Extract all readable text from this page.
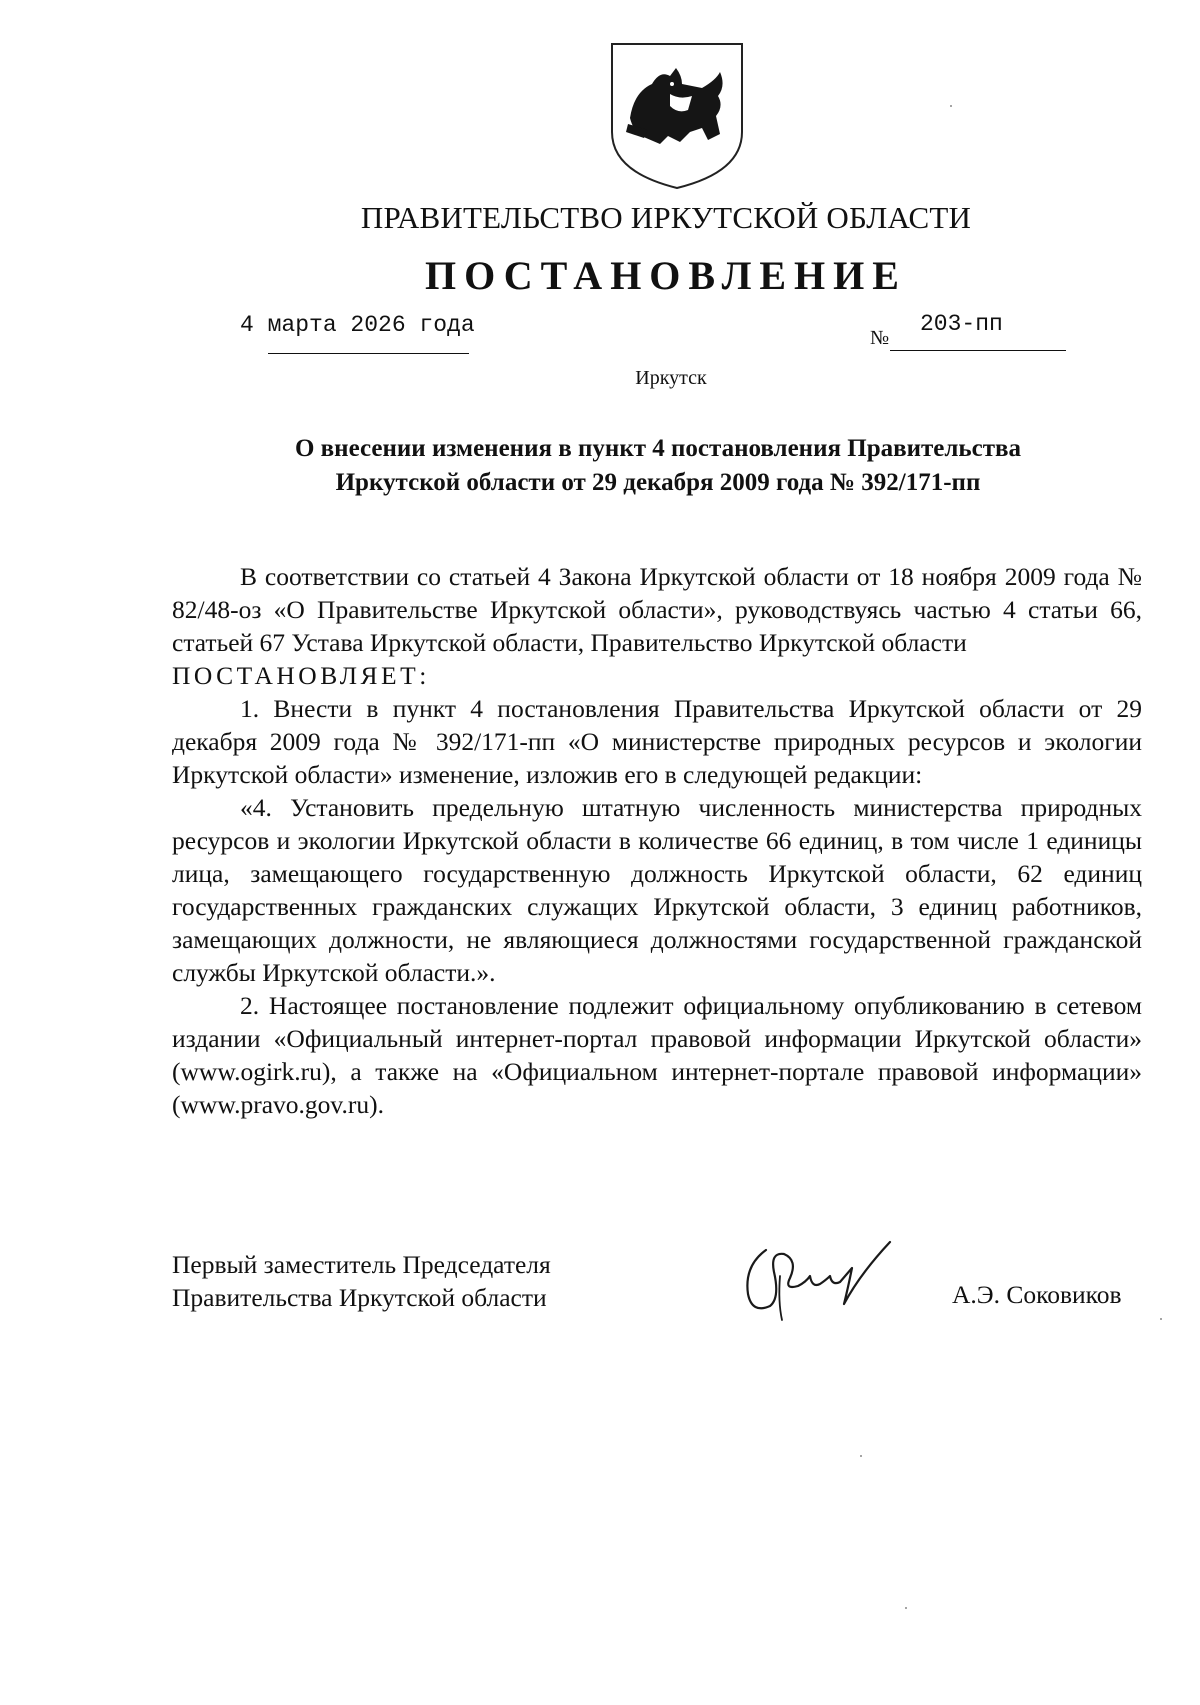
ПРАВИТЕЛЬСТВО ИРКУТСКОЙ ОБЛАСТИ
ПОСТАНОВЛЕНИЕ
4 марта 2026 года	№
203-пп
Иркутск
О внесении изменения в пункт 4 постановления Правительства
Иркутской области от 29 декабря 2009 года № 392/171-пп

В соответствии со статьей 4 Закона Иркутской области от 18 ноября 2009 года № 82/48-оз «О Правительстве Иркутской области», руководствуясь частью 4 статьи 66, статьей 67 Устава Иркутской области, Правительство Иркутской области

ПОСТАНОВЛЯЕТ:

1. Внести в пункт 4 постановления Правительства Иркутской области от 29 декабря 2009 года № 392/171-пп «О министерстве природных ресурсов и экологии Иркутской области» изменение, изложив его в следующей редакции:

«4. Установить предельную штатную численность министерства природных ресурсов и экологии Иркутской области в количестве 66 единиц, в том числе 1 единицы лица, замещающего государственную должность Иркутской области, 62 единиц государственных гражданских служащих Иркутской области, 3 единиц работников, замещающих должности, не являющиеся должностями государственной гражданской службы Иркутской области.».

2. Настоящее постановление подлежит официальному опубликованию в сетевом издании «Официальный интернет-портал правовой информации Иркутской области» (www.ogirk.ru), а также на «Официальном интернет-портале правовой информации» (www.pravo.gov.ru).

Первый заместитель Председателя
Правительства Иркутской области	А.Э. Соковиков
